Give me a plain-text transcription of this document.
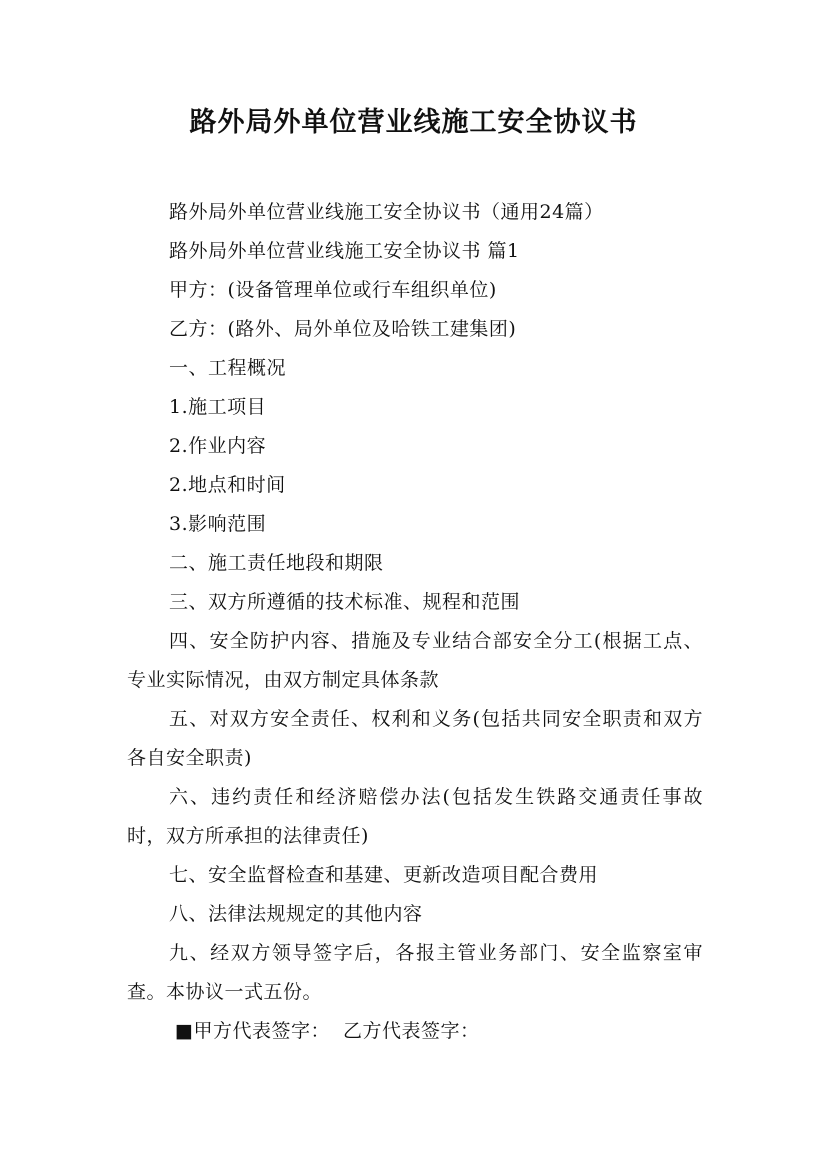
路外局外单位营业线施工安全协议书

路外局外单位营业线施工安全协议书（通用24篇）

路外局外单位营业线施工安全协议书 篇1

甲方：(设备管理单位或行车组织单位)

乙方：(路外、局外单位及哈铁工建集团)

一、工程概况

1.施工项目

2.作业内容

2.地点和时间

3.影响范围

二、施工责任地段和期限

三、双方所遵循的技术标准、规程和范围

四、安全防护内容、措施及专业结合部安全分工(根据工点、专业实际情况，由双方制定具体条款

五、对双方安全责任、权利和义务(包括共同安全职责和双方各自安全职责)

六、违约责任和经济赔偿办法(包括发生铁路交通责任事故时，双方所承担的法律责任)

七、安全监督检查和基建、更新改造项目配合费用

八、法律法规规定的其他内容

九、经双方领导签字后，各报主管业务部门、安全监察室审查。本协议一式五份。

■甲方代表签字：  乙方代表签字：
